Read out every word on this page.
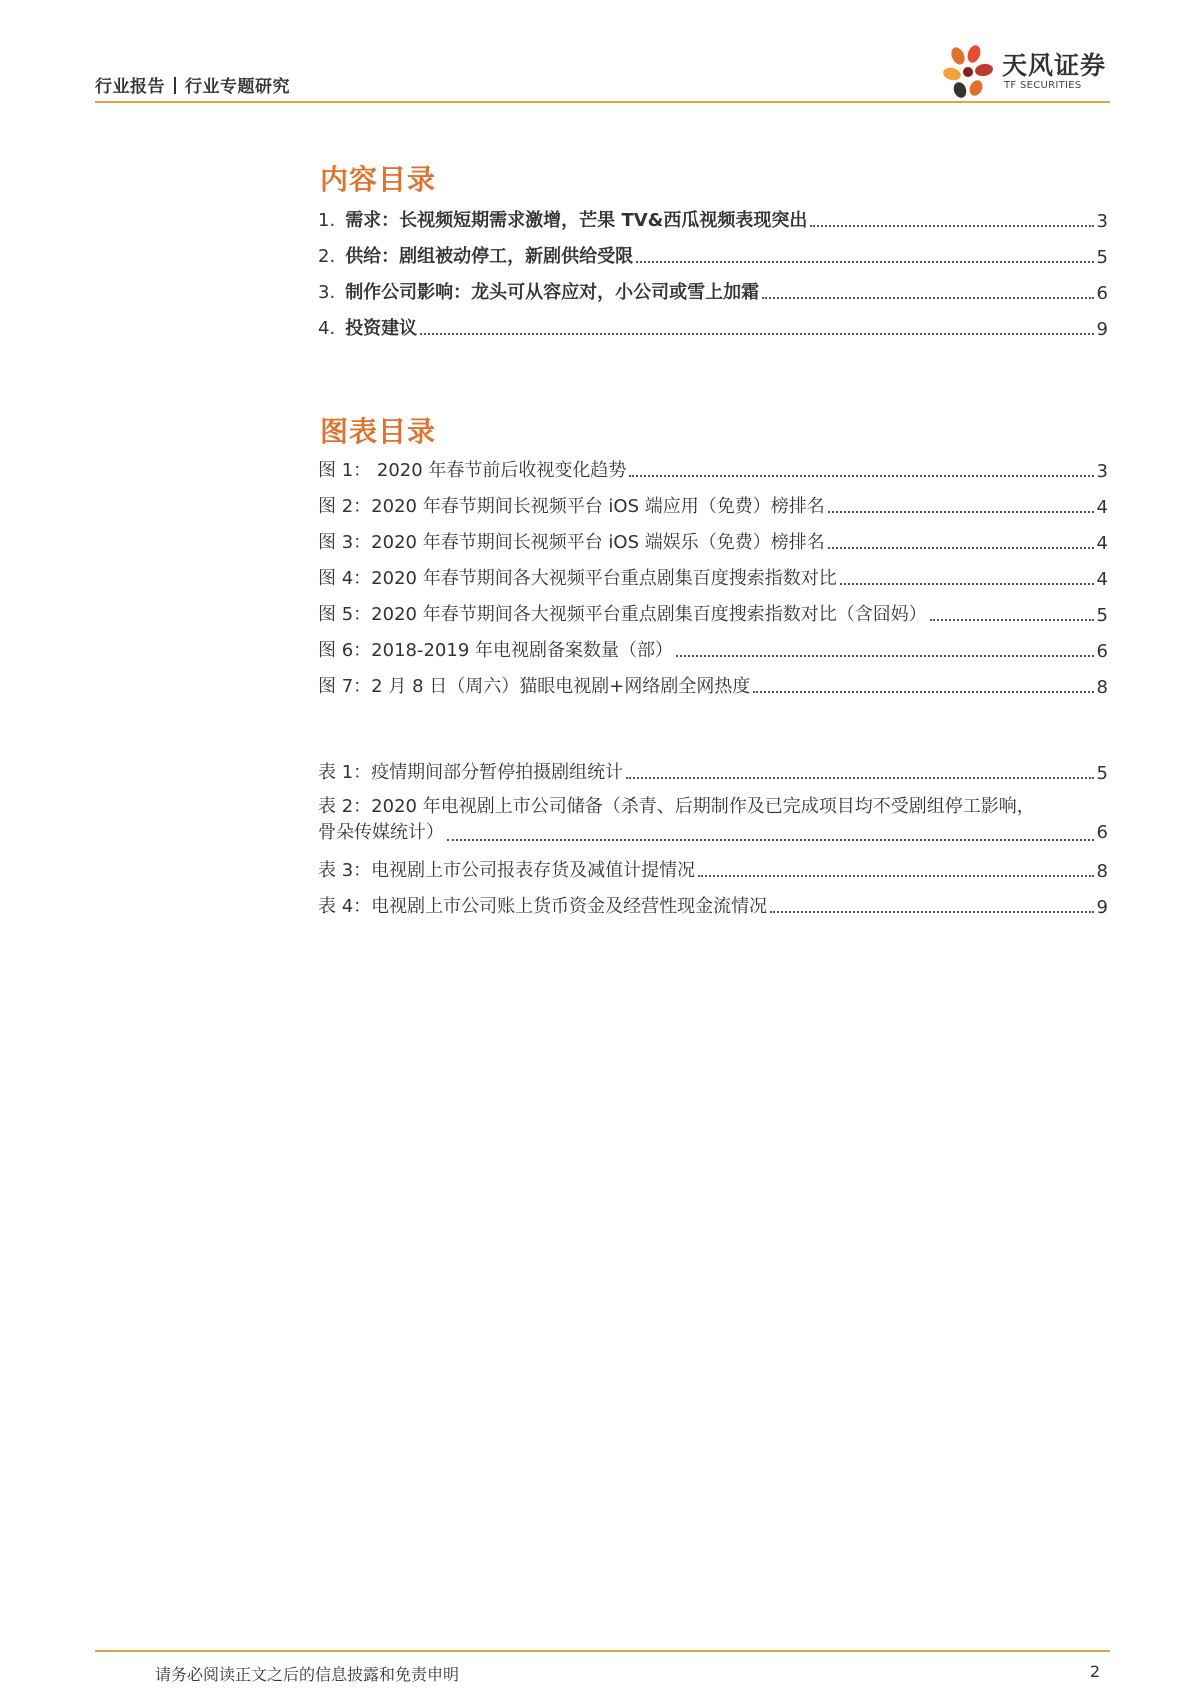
行业报告 行业专题研究
天风证券
TF SECURITIES
内容目录
1. 需求：长视频短期需求激增，芒果 TV&西瓜视频表现突出	3
2. 供给：剧组被动停工，新剧供给受限	5
3. 制作公司影响：龙头可从容应对，小公司或雪上加霜	6
4. 投资建议	9
图表目录
图 1： 2020 年春节前后收视变化趋势	3
图 2：2020 年春节期间长视频平台 iOS 端应用（免费）榜排名	4
图 3：2020 年春节期间长视频平台 iOS 端娱乐（免费）榜排名	4
图 4：2020 年春节期间各大视频平台重点剧集百度搜索指数对比	4
图 5：2020 年春节期间各大视频平台重点剧集百度搜索指数对比（含囧妈）	5
图 6：2018-2019 年电视剧备案数量（部）	6
图 7：2 月 8 日（周六）猫眼电视剧+网络剧全网热度	8
表 1：疫情期间部分暂停拍摄剧组统计	5
表 2：2020 年电视剧上市公司储备（杀青、后期制作及已完成项目均不受剧组停工影响，
骨朵传媒统计）	6
表 3：电视剧上市公司报表存货及减值计提情况	8
表 4：电视剧上市公司账上货币资金及经营性现金流情况	9
请务必阅读正文之后的信息披露和免责申明	2
